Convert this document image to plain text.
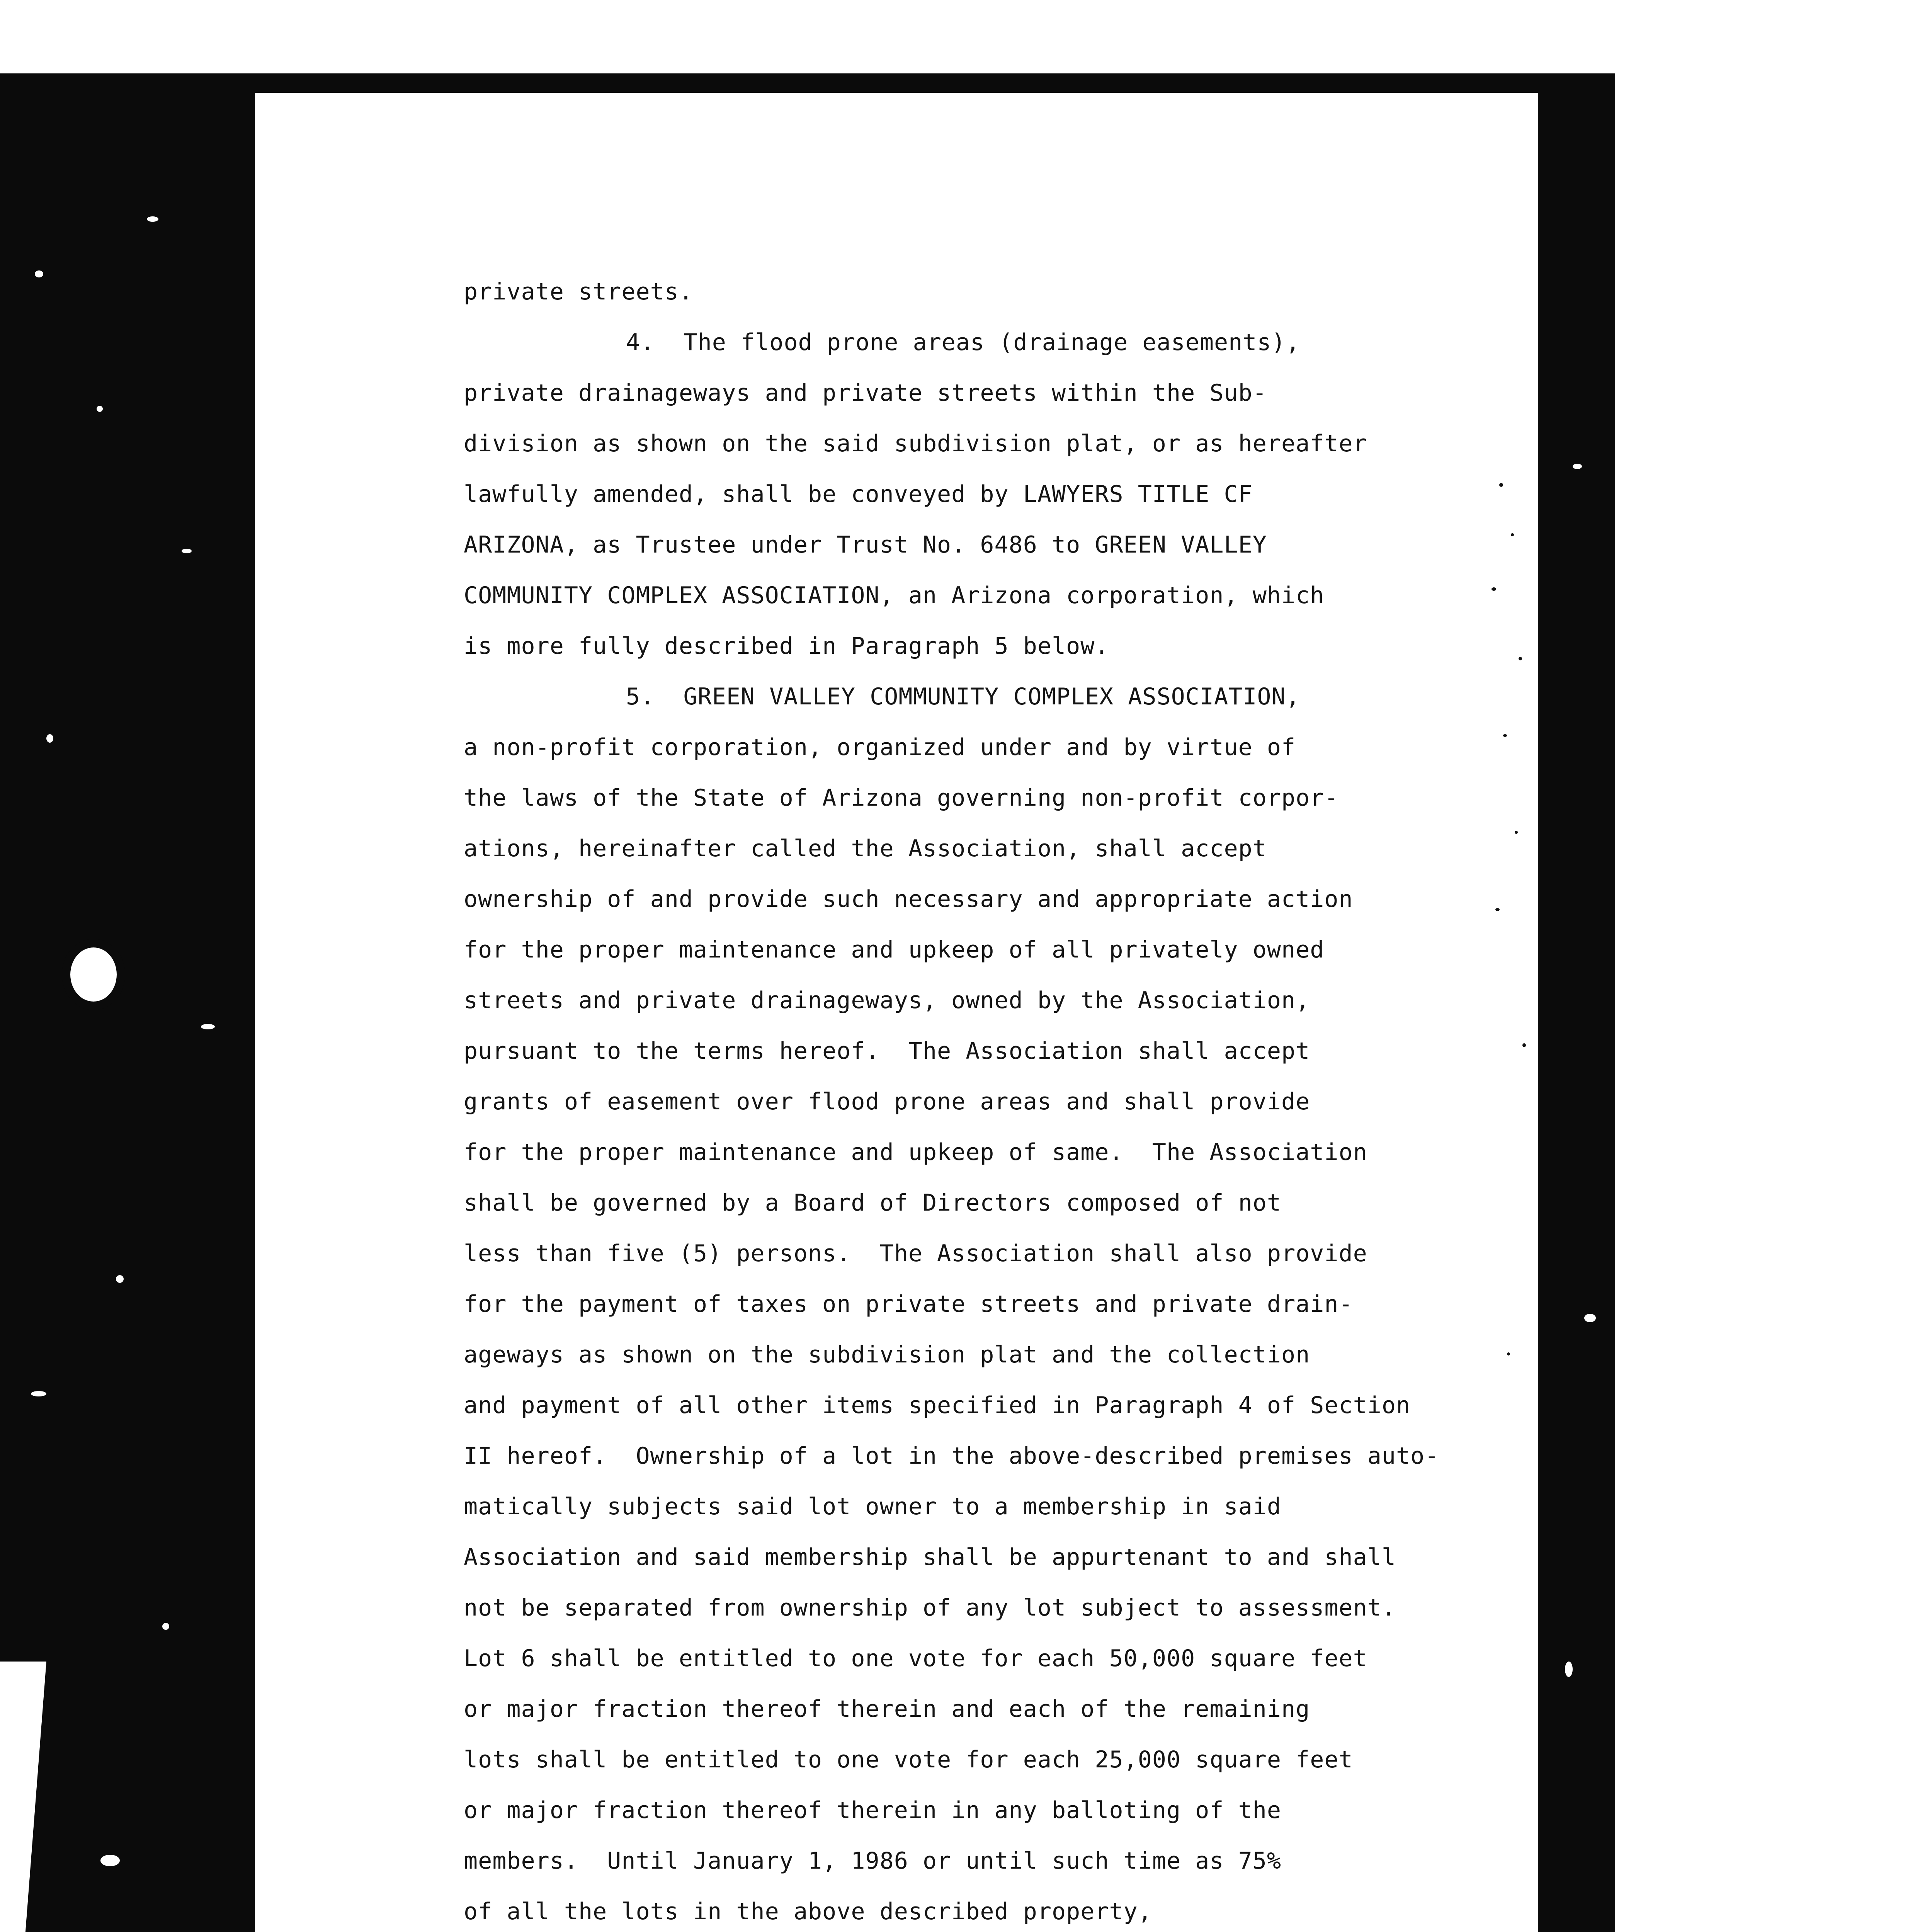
private streets.
4.  The flood prone areas (drainage easements),
private drainageways and private streets within the Sub-
division as shown on the said subdivision plat, or as hereafter
lawfully amended, shall be conveyed by LAWYERS TITLE CF
ARIZONA, as Trustee under Trust No. 6486 to GREEN VALLEY
COMMUNITY COMPLEX ASSOCIATION, an Arizona corporation, which
is more fully described in Paragraph 5 below.
5.  GREEN VALLEY COMMUNITY COMPLEX ASSOCIATION,
a non-profit corporation, organized under and by virtue of
the laws of the State of Arizona governing non-profit corpor-
ations, hereinafter called the Association, shall accept
ownership of and provide such necessary and appropriate action
for the proper maintenance and upkeep of all privately owned
streets and private drainageways, owned by the Association,
pursuant to the terms hereof.  The Association shall accept
grants of easement over flood prone areas and shall provide
for the proper maintenance and upkeep of same.  The Association
shall be governed by a Board of Directors composed of not
less than five (5) persons.  The Association shall also provide
for the payment of taxes on private streets and private drain-
ageways as shown on the subdivision plat and the collection
and payment of all other items specified in Paragraph 4 of Section
II hereof.  Ownership of a lot in the above-described premises auto-
matically subjects said lot owner to a membership in said
Association and said membership shall be appurtenant to and shall
not be separated from ownership of any lot subject to assessment.
Lot 6 shall be entitled to one vote for each 50,000 square feet
or major fraction thereof therein and each of the remaining
lots shall be entitled to one vote for each 25,000 square feet
or major fraction thereof therein in any balloting of the
members.  Until January 1, 1986 or until such time as 75%
of all the lots in the above described property,
